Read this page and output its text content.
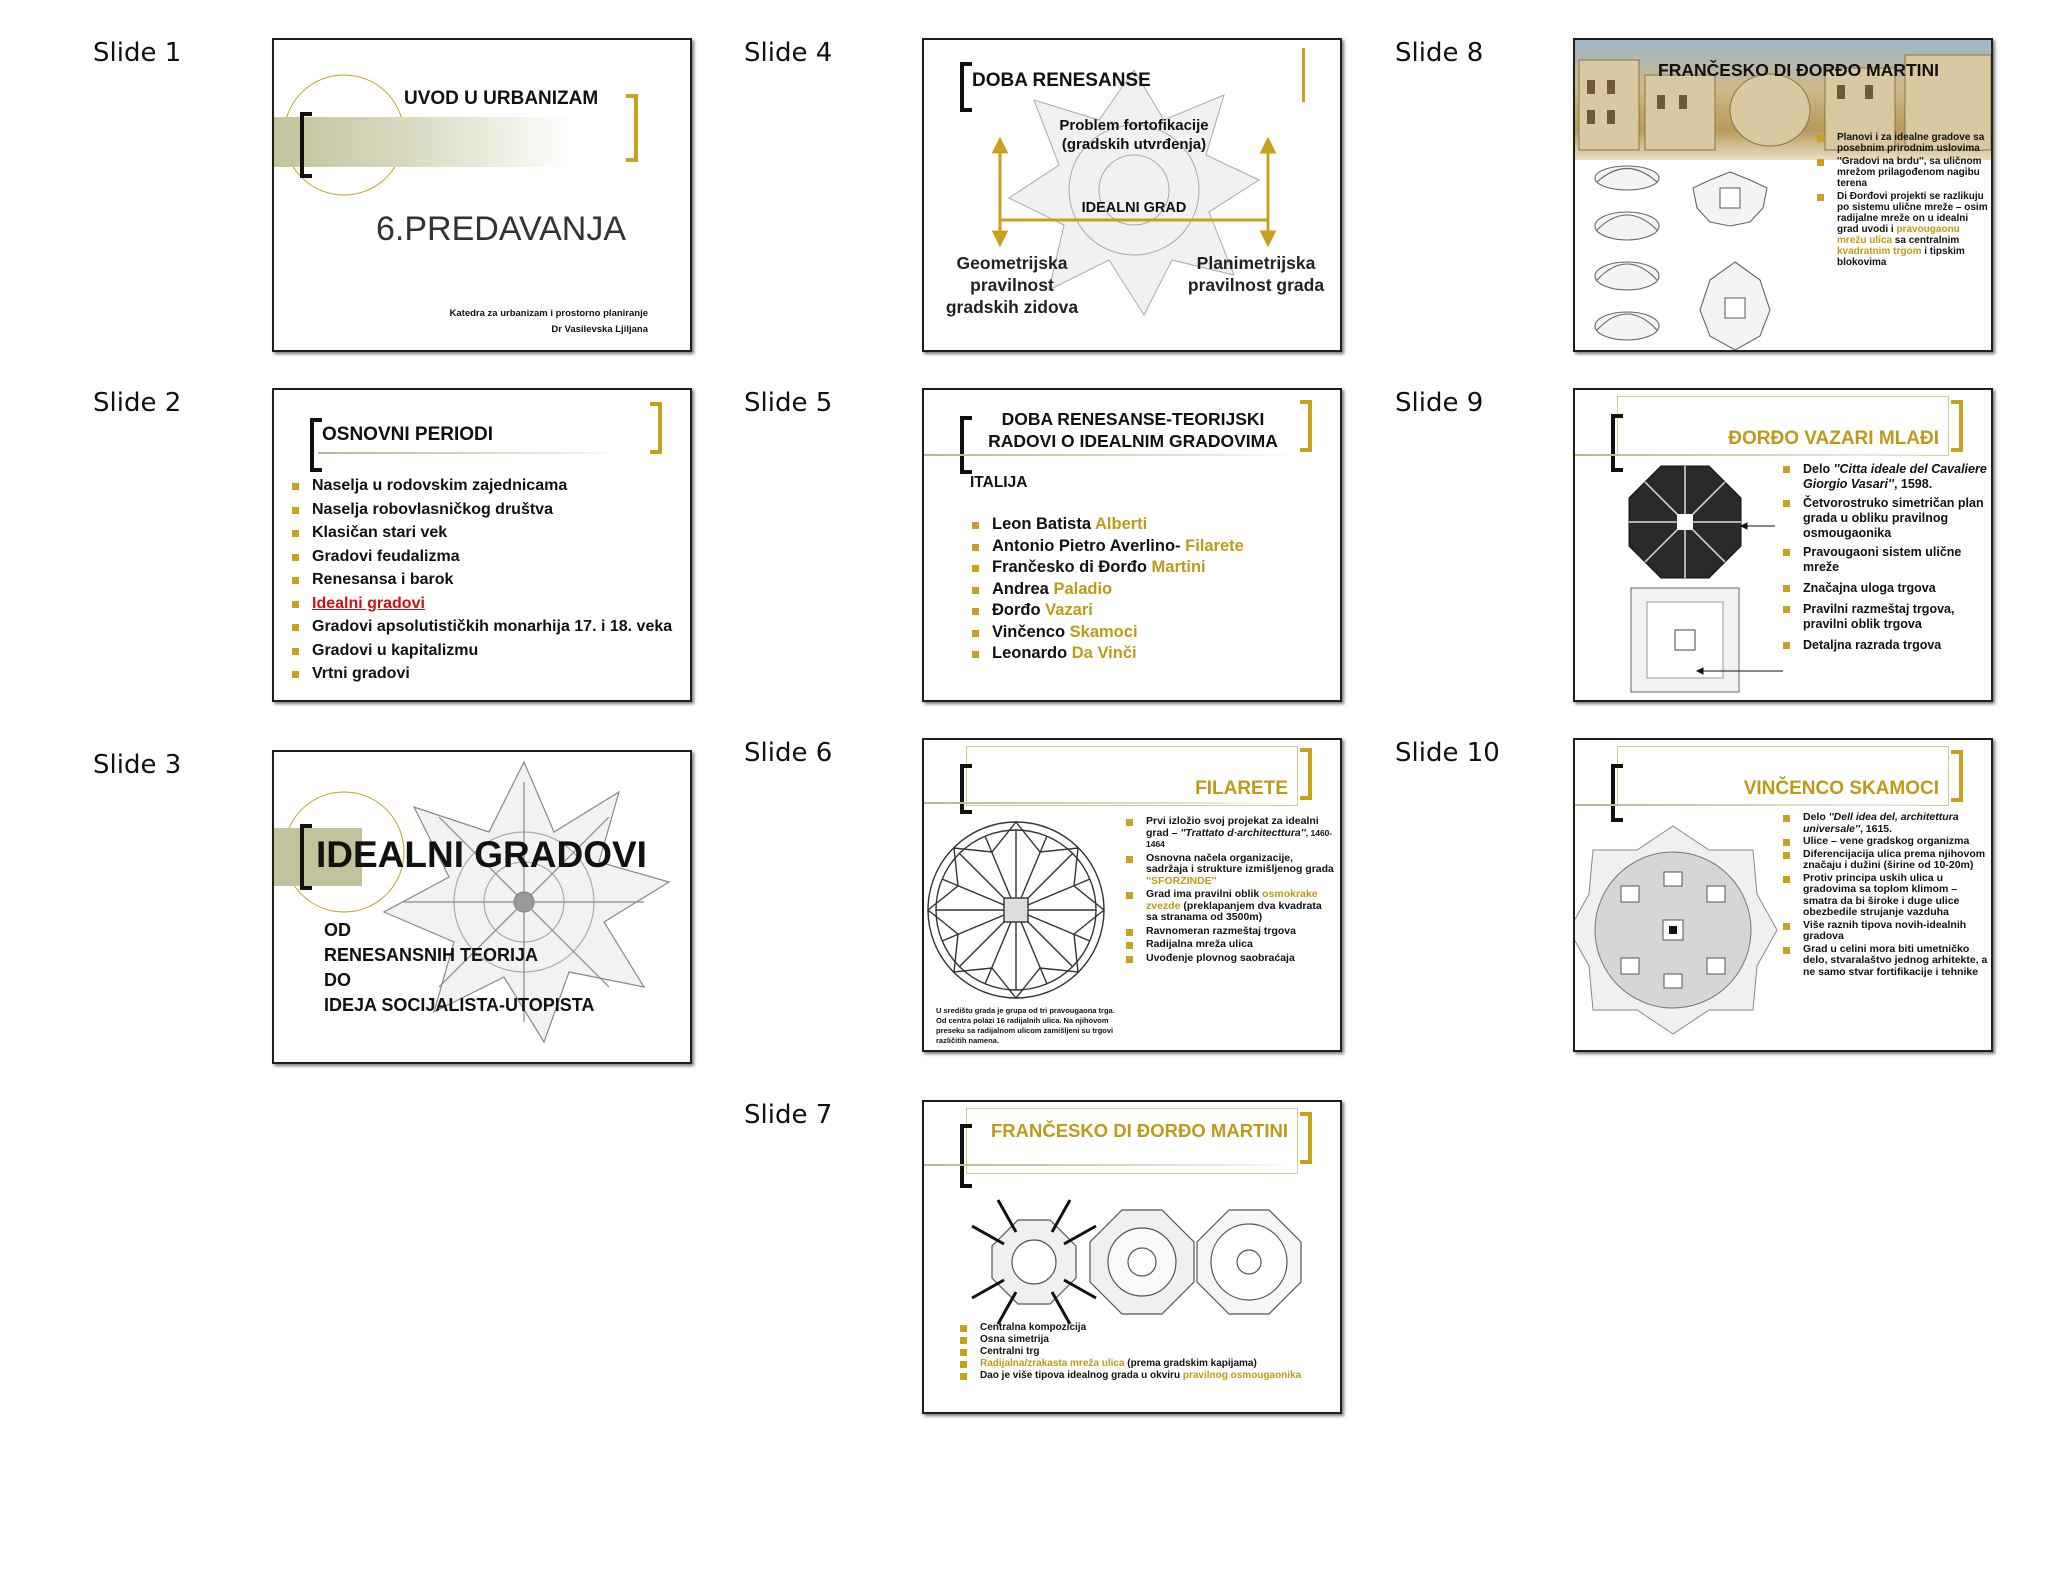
Slide 1
Slide 2
Slide 3
Slide 4
Slide 5
Slide 6
Slide 7
Slide 8
Slide 9
Slide 10
UVOD U URBANIZAM
6.PREDAVANJA
Katedra za urbanizam i prostorno planiranje
Dr Vasilevska Ljiljana
OSNOVNI PERIODI
Naselja u rodovskim zajednicama
Naselja robovlasničkog društva
Klasičan stari vek
Gradovi feudalizma
Renesansa i barok
Idealni gradovi
Gradovi apsolutističkih monarhija 17. i 18. veka
Gradovi u kapitalizmu
Vrtni gradovi
IDEALNI GRADOVI
OD
RENESANSNIH TEORIJA
DO
IDEJA SOCIJALISTA-UTOPISTA
DOBA RENESANSE
Problem fortofikacije (gradskih utvrđenja)
IDEALNI GRAD
Geometrijska pravilnost gradskih zidova
Planimetrijska pravilnost grada
DOBA RENESANSE-TEORIJSKI RADOVI O IDEALNIM GRADOVIMA
ITALIJA
Leon Batista Alberti
Antonio Pietro Averlino- Filarete
Frančesko di Đorđo Martini
Andrea Paladio
Đorđo Vazari
Vinčenco Skamoci
Leonardo Da Vinči
FILARETE
U središtu grada je grupa od tri pravougaona trga. Od centra polazi 16 radijalnih ulica. Na njihovom preseku sa radijalnom ulicom zamišljeni su trgovi različitih namena.
Prvi izložio svoj projekat za idealni grad – ''Trattato d·architecttura'', 1460-1464
Osnovna načela organizacije, sadržaja i strukture izmišljenog grada ''SFORZINDE''
Grad ima pravilni oblik osmokrake zvezde (preklapanjem dva kvadrata sa stranama od 3500m)
Ravnomeran razmeštaj trgova
Radijalna mreža ulica
Uvođenje plovnog saobraćaja
FRANČESKO DI ĐORĐO MARTINI
Centralna kompozicija
Osna simetrija
Centralni trg
Radijalna/zrakasta mreža ulica (prema gradskim kapijama)
Dao je više tipova idealnog grada u okviru pravilnog osmougaonika
FRANČESKO DI ĐORĐO MARTINI
Planovi i za idealne gradove sa posebnim prirodnim uslovima
''Gradovi na brdu'', sa uličnom mrežom prilagođenom nagibu terena
Di Đorđovi projekti se razlikuju po sistemu ulične mreže – osim radijalne mreže on u idealni grad uvodi i pravougaonu mrežu ulica sa centralnim kvadratnim trgom i tipskim blokovima
ĐORĐO VAZARI MLAĐI
Delo ''Citta ideale del Cavaliere Giorgio Vasari'', 1598.
Četvorostruko simetričan plan grada u obliku pravilnog osmougaonika
Pravougaoni sistem ulične mreže
Značajna uloga trgova
Pravilni razmeštaj trgova, pravilni oblik trgova
Detaljna razrada trgova
VINČENCO SKAMOCI
Delo ''Dell idea del, architettura universale'', 1615.
Ulice – vene gradskog organizma
Diferencijacija ulica prema njihovom značaju i dužini (širine od 10-20m)
Protiv principa uskih ulica u gradovima sa toplom klimom – smatra da bi široke i duge ulice obezbedile strujanje vazduha
Više raznih tipova novih-idealnih gradova
Grad u celini mora biti umetničko delo, stvaralaštvo jednog arhitekte, a ne samo stvar fortifikacije i tehnike
